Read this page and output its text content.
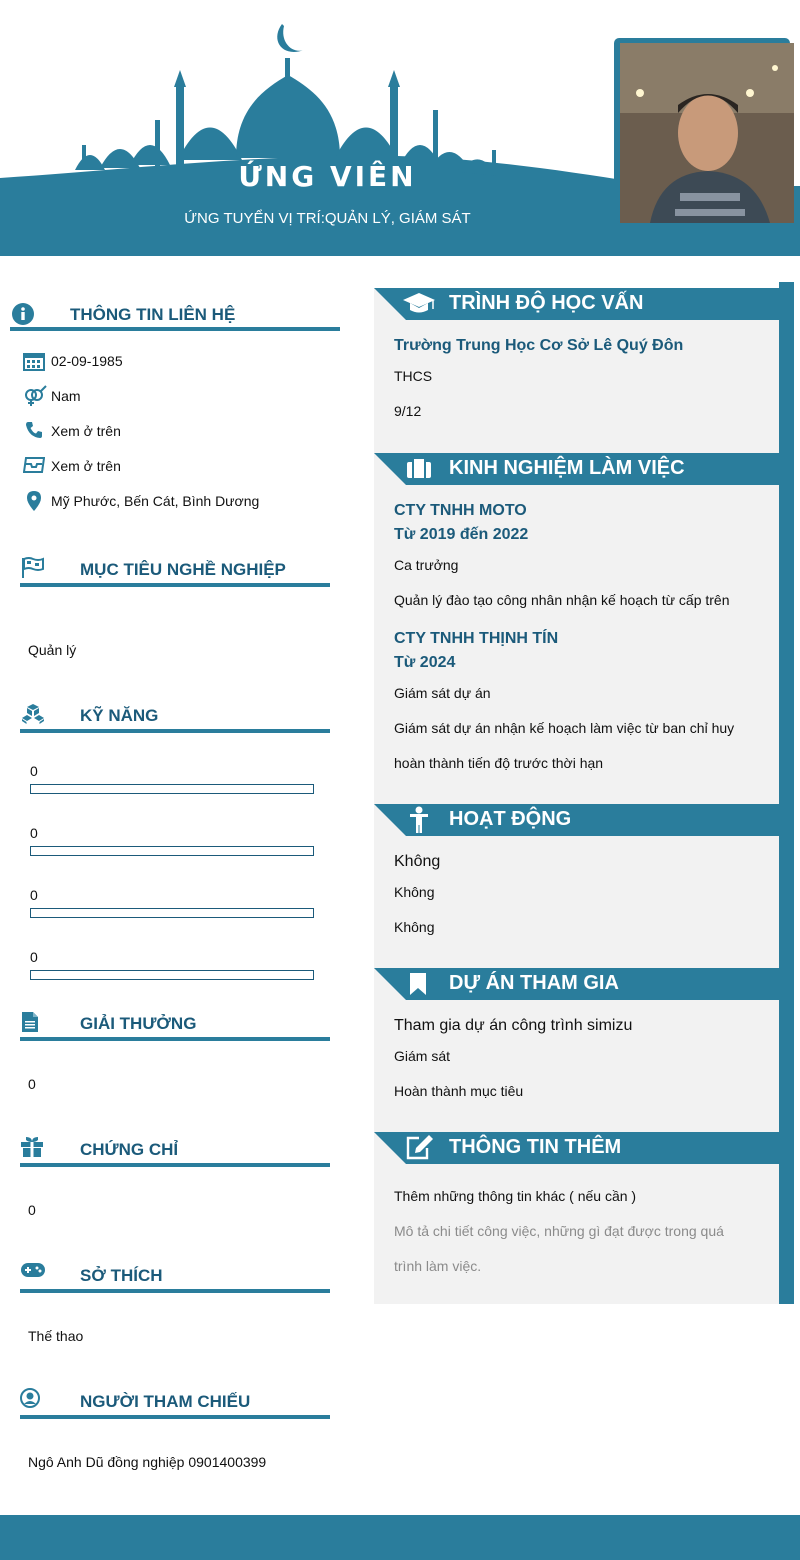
ỨNG VIÊN
ỨNG TUYỂN VỊ TRÍ:QUẢN LÝ, GIÁM SÁT
THÔNG TIN LIÊN HỆ
02-09-1985
Nam
Xem ở trên
Xem ở trên
Mỹ Phước, Bến Cát, Bình Dương
MỤC TIÊU NGHỀ NGHIỆP
Quản lý
KỸ NĂNG
0
0
0
0
GIẢI THƯỞNG
0
CHỨNG CHỈ
0
SỞ THÍCH
Thế thao
NGƯỜI THAM CHIẾU
Ngô Anh Dũ đồng nghiệp 0901400399
TRÌNH ĐỘ HỌC VẤN
Trường Trung Học Cơ Sở Lê Quý Đôn
THCS
9/12
KINH NGHIỆM LÀM VIỆC
CTY TNHH MOTO
Từ 2019 đến 2022
Ca trưởng
Quản lý đào tạo công nhân nhận kế hoạch từ cấp trên
CTY TNHH THỊNH TÍN
Từ 2024
Giám sát dự án
Giám sát dự án nhận kế hoạch làm việc từ ban chỉ huy
hoàn thành tiến độ trước thời hạn
HOẠT ĐỘNG
Không
Không
Không
DỰ ÁN THAM GIA
Tham gia dự án công trình simizu
Giám sát
Hoàn thành mục tiêu
THÔNG TIN THÊM
Thêm những thông tin khác ( nếu cần )
Mô tả chi tiết công việc, những gì đạt được trong quá
trình làm việc.
